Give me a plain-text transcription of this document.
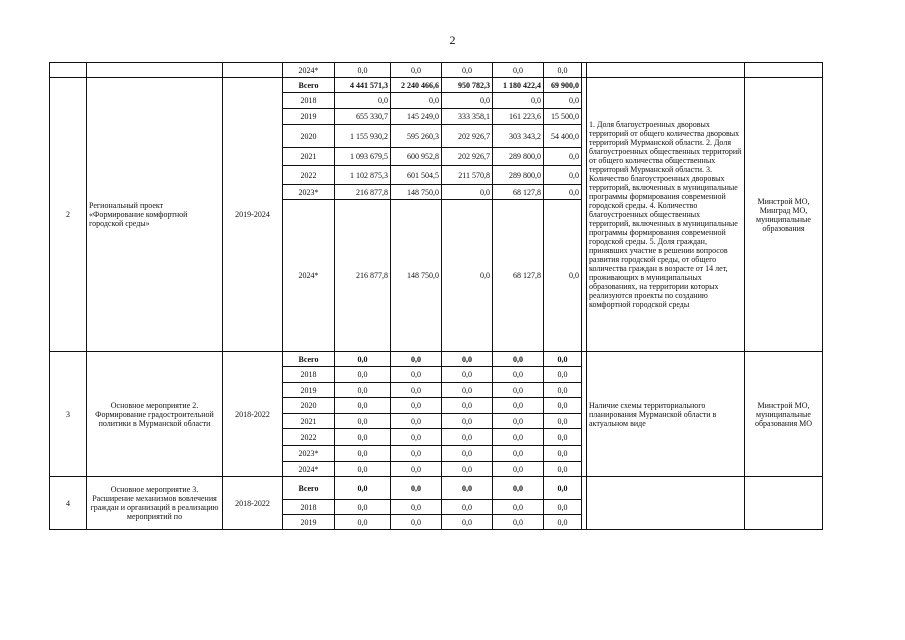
2
			2024*	0,0	0,0	0,0	0,0	0,0			
2	Региональный проект «Формирование комфортной городской среды»	2019-2024	Всего	4 441 571,3	2 240 466,6	950 782,3	1 180 422,4	69 900,0		1. Доля благоустроенных дворовых территорий от общего количества дворовых территорий Мурманской области. 2. Доля благоустроенных общественных территорий от общего количества общественных территорий Мурманской области. 3. Количество благоустроенных дворовых территорий, включенных в муниципальные программы формирования современной городской среды. 4. Количество благоустроенных общественных территорий, включенных в муниципальные программы формирования современной городской среды. 5. Доля граждан, принявших участие в решении вопросов развития городской среды, от общего количества граждан в возрасте от 14 лет, проживающих в муниципальных образованиях, на территории которых реализуются проекты по созданию комфортной городской среды	Минстрой МО, Минград МО, муниципальные образования
			2018	0,0	0,0	0,0	0,0	0,0			
			2019	655 330,7	145 249,0	333 358,1	161 223,6	15 500,0			
			2020	1 155 930,2	595 260,3	202 926,7	303 343,2	54 400,0			
			2021	1 093 679,5	600 952,8	202 926,7	289 800,0	0,0			
			2022	1 102 875,3	601 504,5	211 570,8	289 800,0	0,0			
			2023*	216 877,8	148 750,0	0,0	68 127,8	0,0			
			2024*	216 877,8	148 750,0	0,0	68 127,8	0,0			
3	Основное мероприятие 2. Формирование градостроительной политики в Мурманской области	2018-2022	Всего	0,0	0,0	0,0	0,0	0,0		Наличие схемы территориального планирования Мурманской области в актуальном виде	Минстрой МО, муниципальные образования МО
			2018	0,0	0,0	0,0	0,0	0,0			
			2019	0,0	0,0	0,0	0,0	0,0			
			2020	0,0	0,0	0,0	0,0	0,0			
			2021	0,0	0,0	0,0	0,0	0,0			
			2022	0,0	0,0	0,0	0,0	0,0			
			2023*	0,0	0,0	0,0	0,0	0,0			
			2024*	0,0	0,0	0,0	0,0	0,0			
4	Основное мероприятие 3. Расширение механизмов вовлечения граждан и организаций в реализацию мероприятий по	2018-2022	Всего	0,0	0,0	0,0	0,0	0,0			
			2018	0,0	0,0	0,0	0,0	0,0			
			2019	0,0	0,0	0,0	0,0	0,0			
